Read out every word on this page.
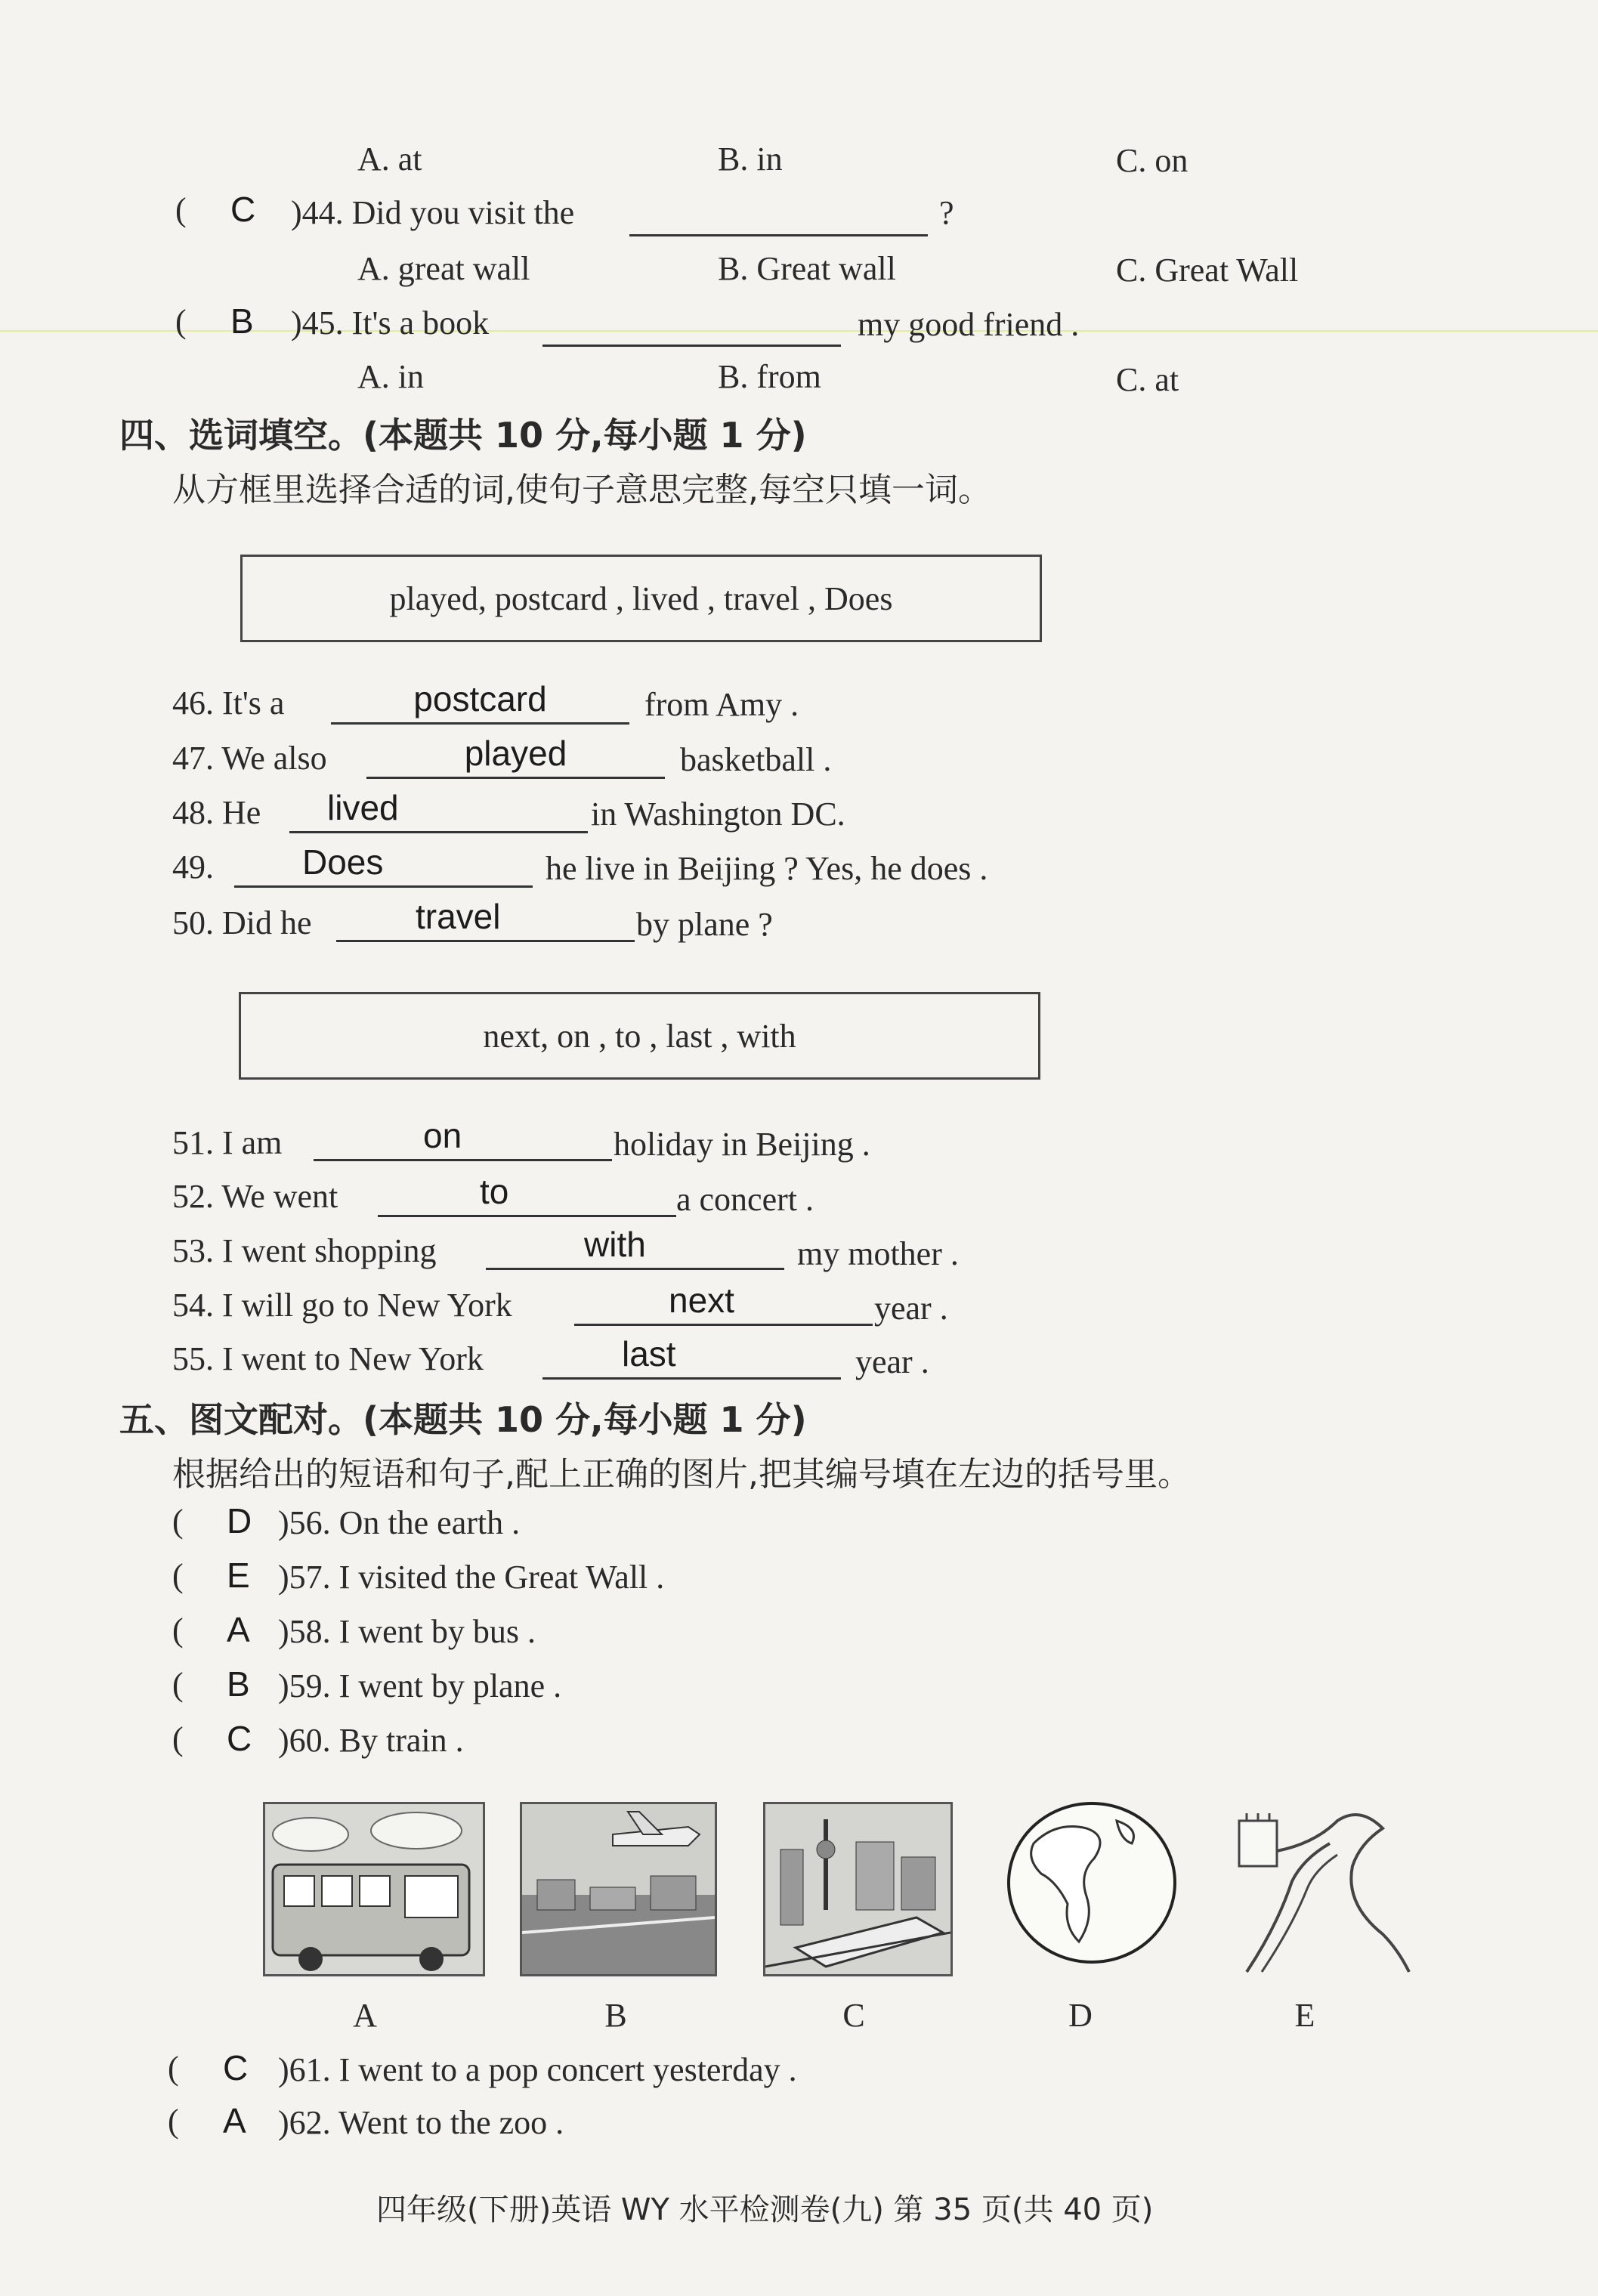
A. at	B. in	C. on
( C )44. Did you visit the	?
A. great wall	B. Great wall	C. Great Wall
( B )45. It's a book	my good friend .
A. in	B. from	C. at
四、选词填空。(本题共 10 分,每小题 1 分)
从方框里选择合适的词,使句子意思完整,每空只填一词。
played, postcard , lived , travel , Does
46. It's a	postcard	from Amy .
47. We also	played	basketball .
48. He lived	in Washington DC.
49.	Does	he live in Beijing ? Yes, he does .
50. Did he	travel	by plane ?
next, on , to , last , with
51. I am	on	holiday in Beijing .
52. We went	to	a concert .
53. I went shopping	with	my mother .
54. I will go to New York	next	year .
55. I went to New York	last	year .
五、图文配对。(本题共 10 分,每小题 1 分)
根据给出的短语和句子,配上正确的图片,把其编号填在左边的括号里。
( D )56. On the earth .
( E )57. I visited the Great Wall .
( A )58. I went by bus .
( B )59. I went by plane .
( C )60. By train .
A	B	C	D	E
( C )61. I went to a pop concert yesterday .
( A )62. Went to the zoo .
四年级(下册)英语 WY 水平检测卷(九) 第 35 页(共 40 页)
